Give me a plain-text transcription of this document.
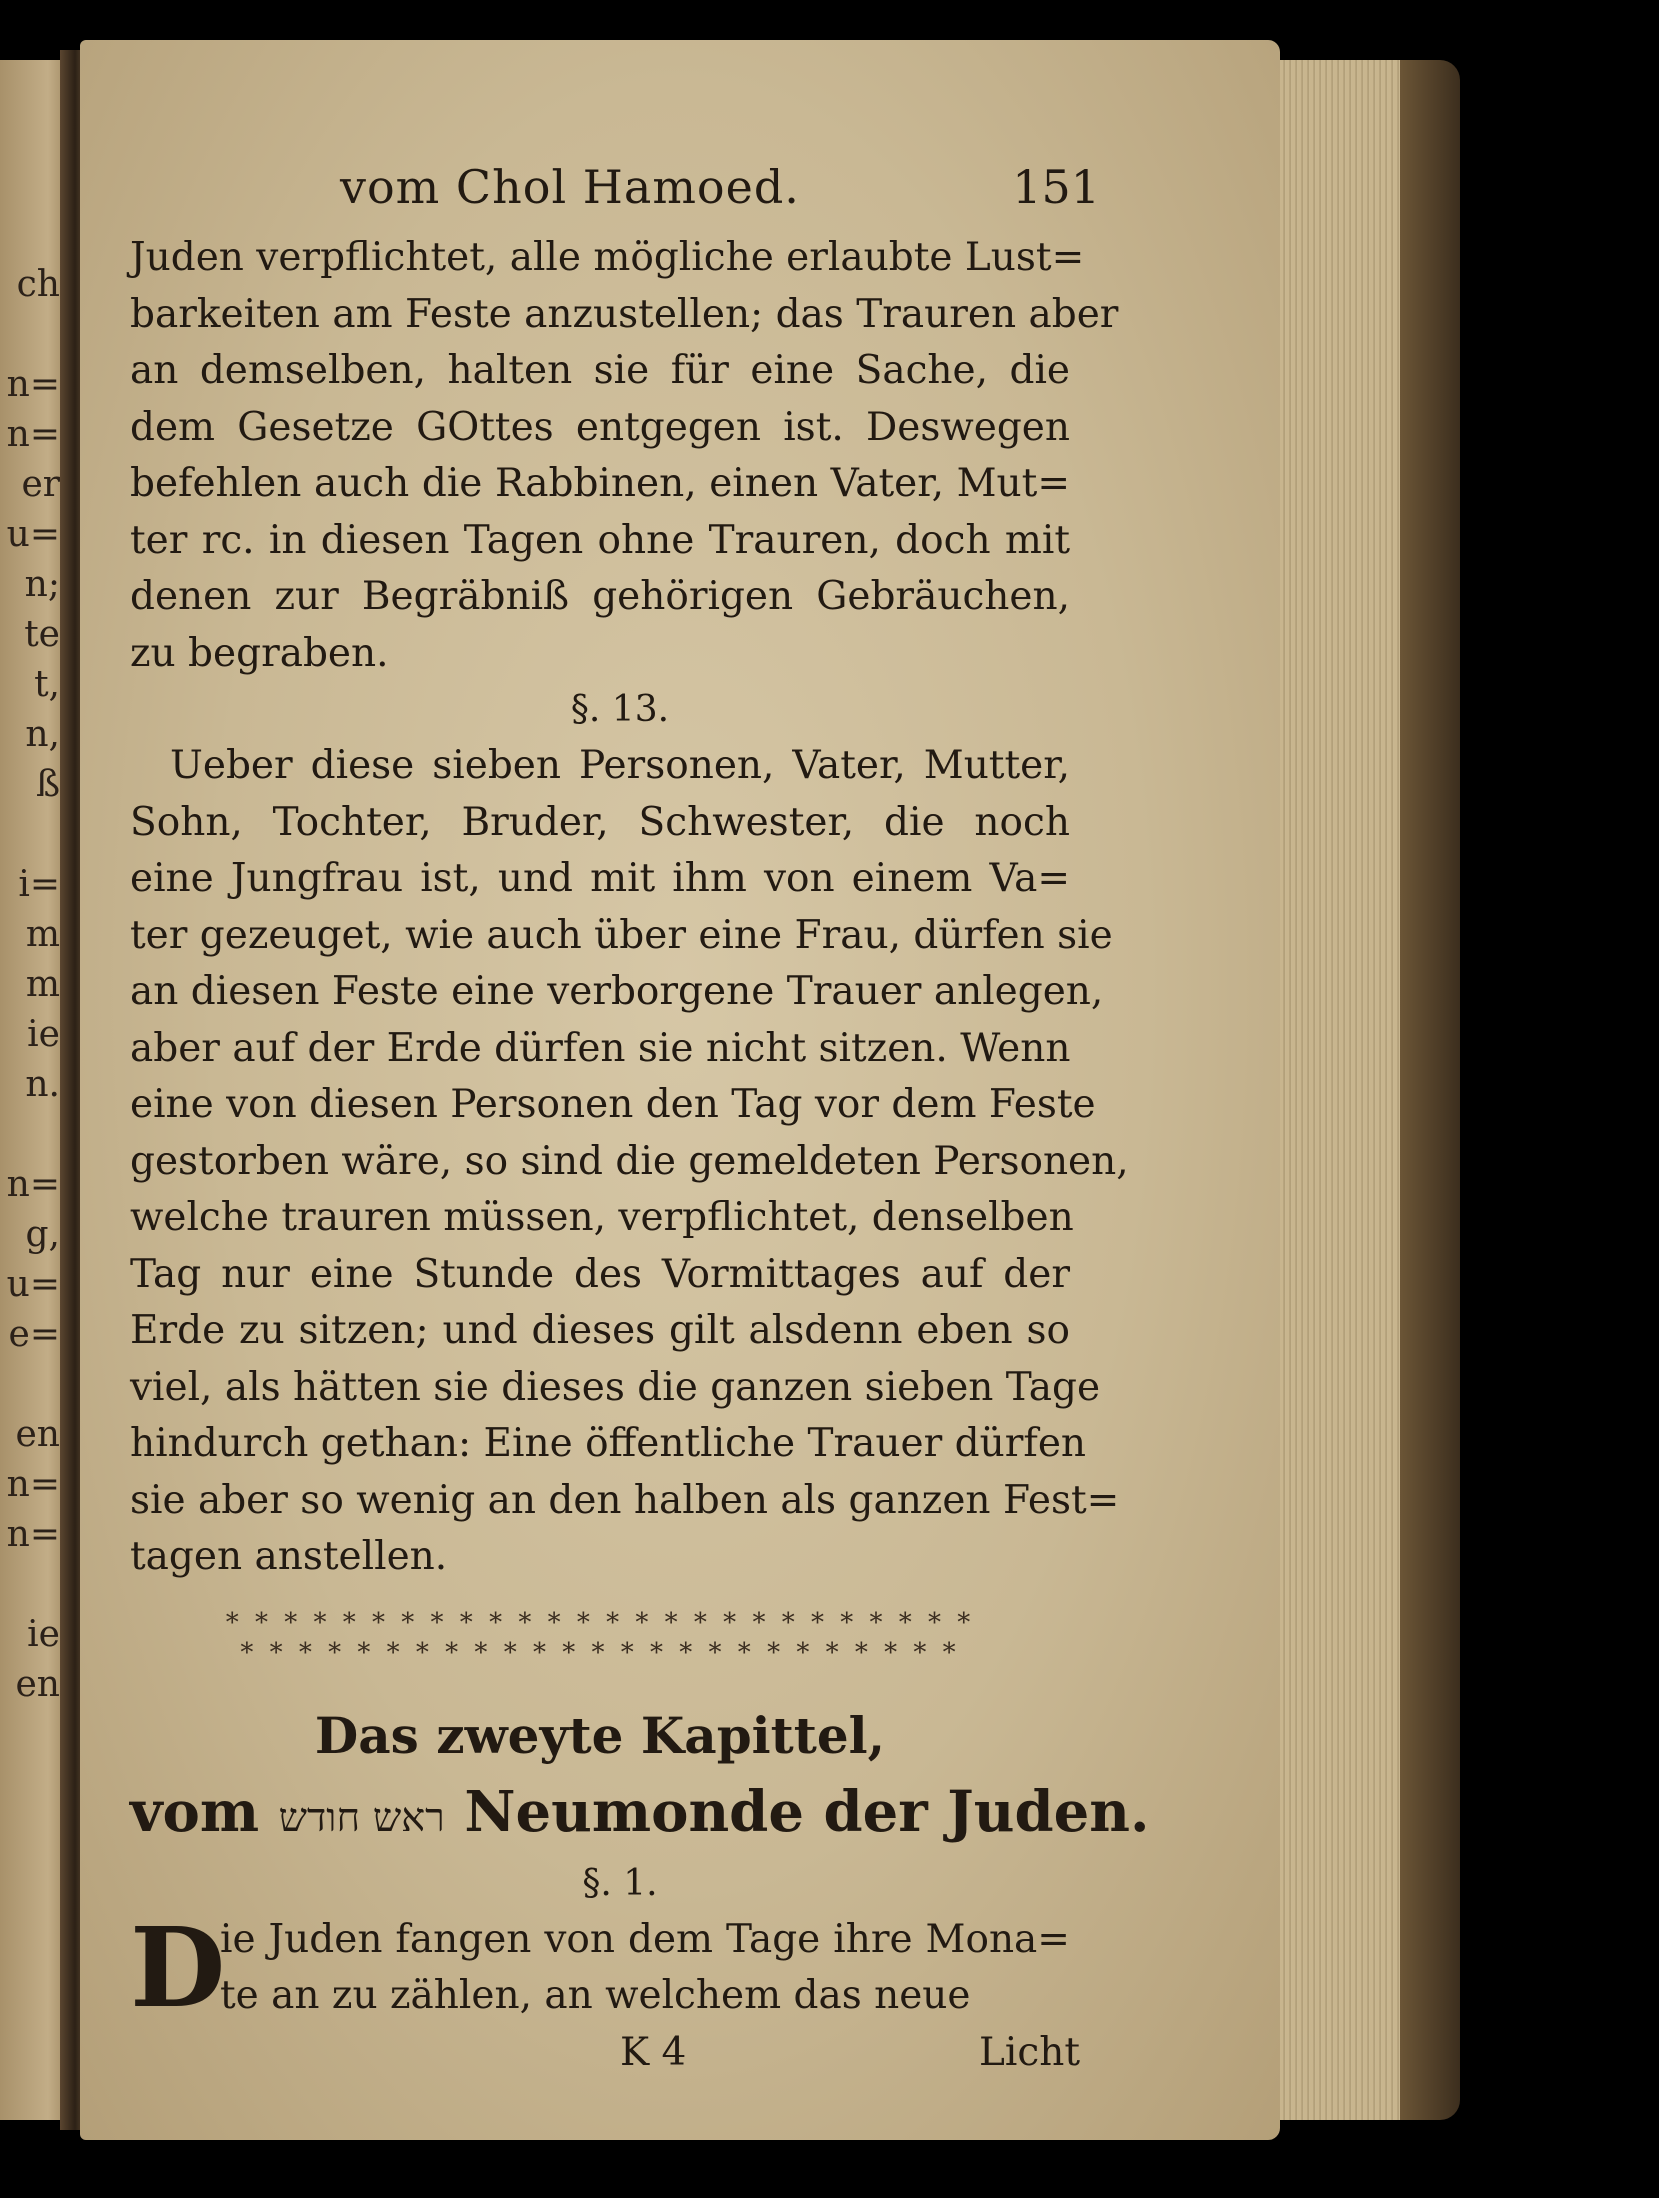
ch
n=
n=
er
u=
n;
te
t,
n,
ß
i=
m
m
ie
n.
n=
g,
u=
e=
en
n=
n=
ie
en
vom Chol Hamoed.	151

Juden verpflichtet, alle mögliche erlaubte Lust=
barkeiten am Feste anzustellen; das Trauren aber
an demselben, halten sie für eine Sache, die
dem Gesetze GOttes entgegen ist. Deswegen
befehlen auch die Rabbinen, einen Vater, Mut=
ter rc. in diesen Tagen ohne Trauren, doch mit
denen zur Begräbniß gehörigen Gebräuchen,
zu begraben.

§. 13.

Ueber diese sieben Personen, Vater, Mutter,
Sohn, Tochter, Bruder, Schwester, die noch
eine Jungfrau ist, und mit ihm von einem Va=
ter gezeuget, wie auch über eine Frau, dürfen sie
an diesen Feste eine verborgene Trauer anlegen,
aber auf der Erde dürfen sie nicht sitzen. Wenn
eine von diesen Personen den Tag vor dem Feste
gestorben wäre, so sind die gemeldeten Personen,
welche trauren müssen, verpflichtet, denselben
Tag nur eine Stunde des Vormittages auf der
Erde zu sitzen; und dieses gilt alsdenn eben so
viel, als hätten sie dieses die ganzen sieben Tage
hindurch gethan: Eine öffentliche Trauer dürfen
sie aber so wenig an den halben als ganzen Fest=
tagen anstellen.

* * * * * * * * * * * * * * * * * * * * * * * * * *
* * * * * * * * * * * * * * * * * * * * * * * * *
Das zweyte Kapittel,
vom ראש חודש Neumonde der Juden.
§. 1.
D

ie Juden fangen von dem Tage ihre Mona=
te an zu zählen, an welchem das neue

K 4	Licht
